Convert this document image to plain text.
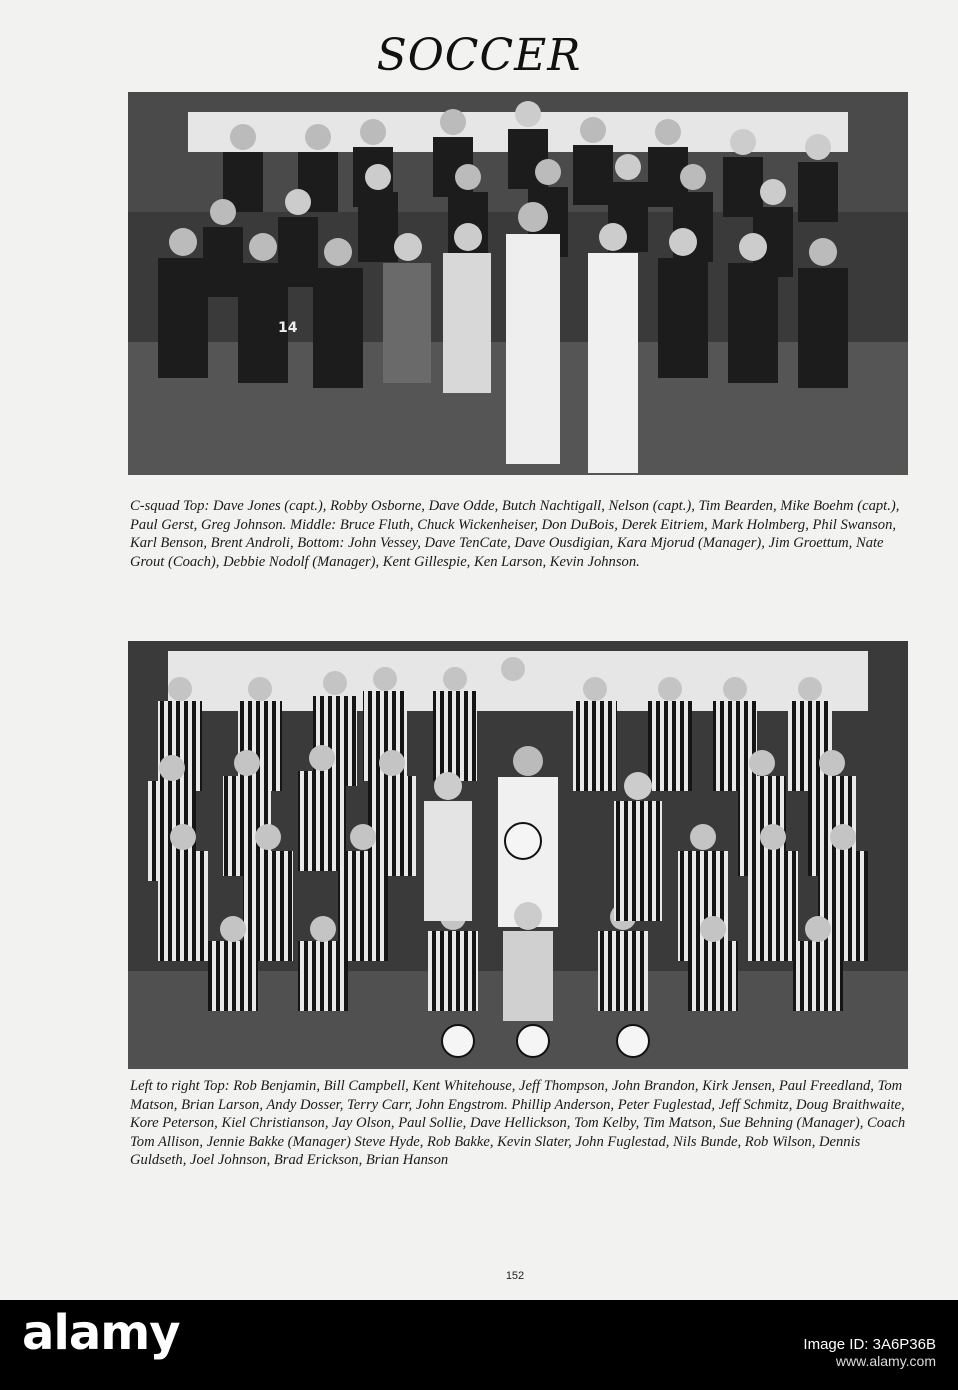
SOCCER
14

C-squad Top: Dave Jones (capt.), Robby Osborne, Dave Odde, Butch Nachtigall, Nelson (capt.), Tim Bearden, Mike Boehm (capt.), Paul Gerst, Greg Johnson. Middle: Bruce Fluth, Chuck Wickenheiser, Don DuBois, Derek Eitriem, Mark Holmberg, Phil Swanson, Karl Benson, Brent Androli, Bottom: John Vessey, Dave TenCate, Dave Ousdigian, Kara Mjorud (Manager), Jim Groettum, Nate Grout (Coach), Debbie Nodolf (Manager), Kent Gillespie, Ken Larson, Kevin Johnson.

Left to right Top: Rob Benjamin, Bill Campbell, Kent Whitehouse, Jeff Thompson, John Brandon, Kirk Jensen, Paul Freedland, Tom Matson, Brian Larson, Andy Dosser, Terry Carr, John Engstrom. Phillip Anderson, Peter Fuglestad, Jeff Schmitz, Doug Braithwaite, Kore Peterson, Kiel Christianson, Jay Olson, Paul Sollie, Dave Hellickson, Tom Kelby, Tim Matson, Sue Behning (Manager), Coach Tom Allison, Jennie Bakke (Manager) Steve Hyde, Rob Bakke, Kevin Slater, John Fuglestad, Nils Bunde, Rob Wilson, Dennis Guldseth, Joel Johnson, Brad Erickson, Brian Hanson

152
alamy	Image ID: 3A6P36B
www.alamy.com
